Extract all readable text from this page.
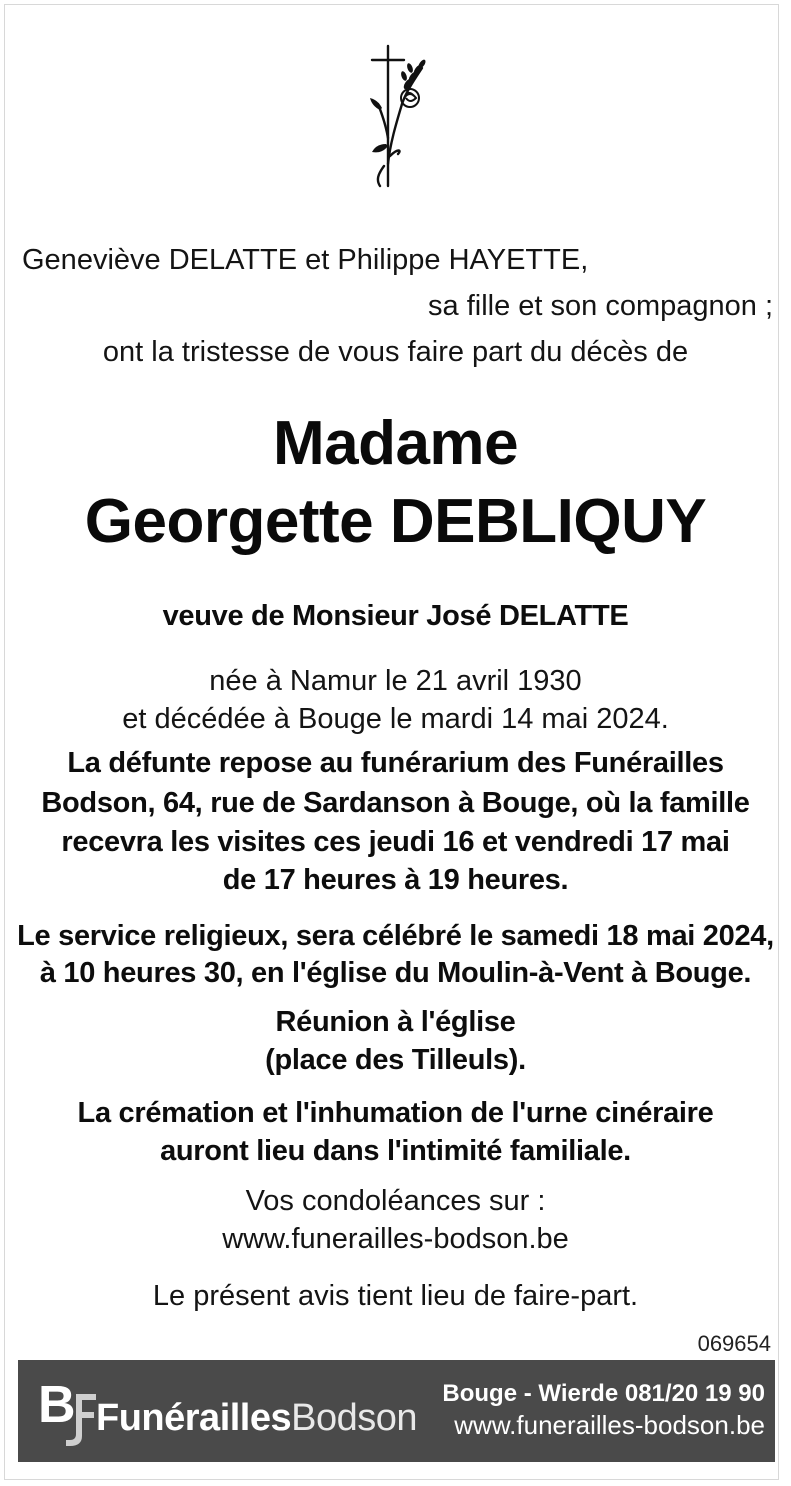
Geneviève DELATTE et Philippe HAYETTE,

sa fille et son compagnon ;

ont la tristesse de vous faire part du décès de

Madame

Georgette DEBLIQUY

veuve de Monsieur José DELATTE

née à Namur le 21 avril 1930

et décédée à Bouge le mardi 14 mai 2024.

La défunte repose au funérarium des Funérailles

Bodson, 64, rue de Sardanson à Bouge, où la famille

recevra les visites ces jeudi 16 et vendredi 17 mai

de 17 heures à 19 heures.

Le service religieux, sera célébré le samedi 18 mai 2024,

à 10 heures 30, en l'église du Moulin-à-Vent à Bouge.

Réunion à l'église

(place des Tilleuls).

La crémation et l'inhumation de l'urne cinéraire

auront lieu dans l'intimité familiale.

Vos condoléances sur :

www.funerailles-bodson.be

Le présent avis tient lieu de faire-part.

069654

B FunéraillesBodson
Bouge - Wierde 081/20 19 90
www.funerailles-bodson.be
